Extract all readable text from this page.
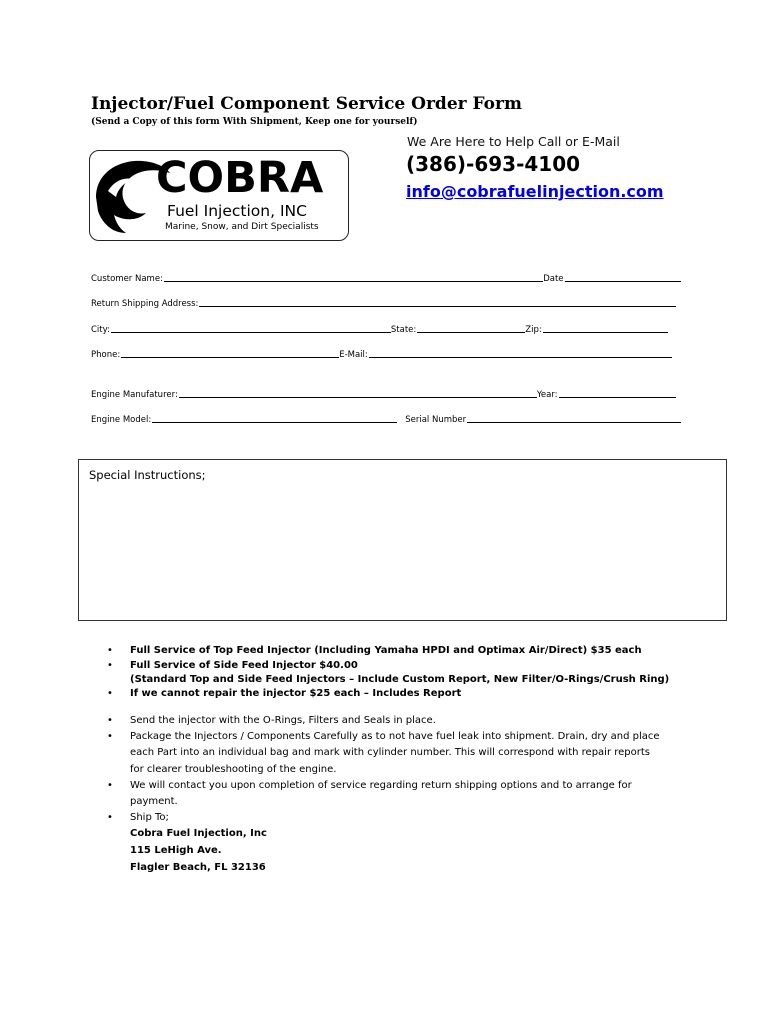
Injector/Fuel Component Service Order Form
(Send a Copy of this form With Shipment, Keep one for yourself)
COBRA
Fuel Injection, INC
Marine, Snow, and Dirt Specialists
We Are Here to Help Call or E-Mail
(386)-693-4100
info@cobrafuelinjection.com
Customer Name:	Date
Return Shipping Address:
City:	State:	Zip:
Phone:	E-Mail:
Engine Manufaturer:	Year:
Engine Model:	Serial Number
Special Instructions;
• Full Service of Top Feed Injector (Including Yamaha HPDI and Optimax Air/Direct) $35 each
• Full Service of Side Feed Injector $40.00
(Standard Top and Side Feed Injectors – Include Custom Report, New Filter/O-Rings/Crush Ring)
• If we cannot repair the injector $25 each – Includes Report
• Send the injector with the O-Rings, Filters and Seals in place.
• Package the Injectors / Components Carefully as to not have fuel leak into shipment. Drain, dry and place
each Part into an individual bag and mark with cylinder number. This will correspond with repair reports
for clearer troubleshooting of the engine.
• We will contact you upon completion of service regarding return shipping options and to arrange for
payment.
• Ship To;
Cobra Fuel Injection, Inc
115 LeHigh Ave.
Flagler Beach, FL 32136
